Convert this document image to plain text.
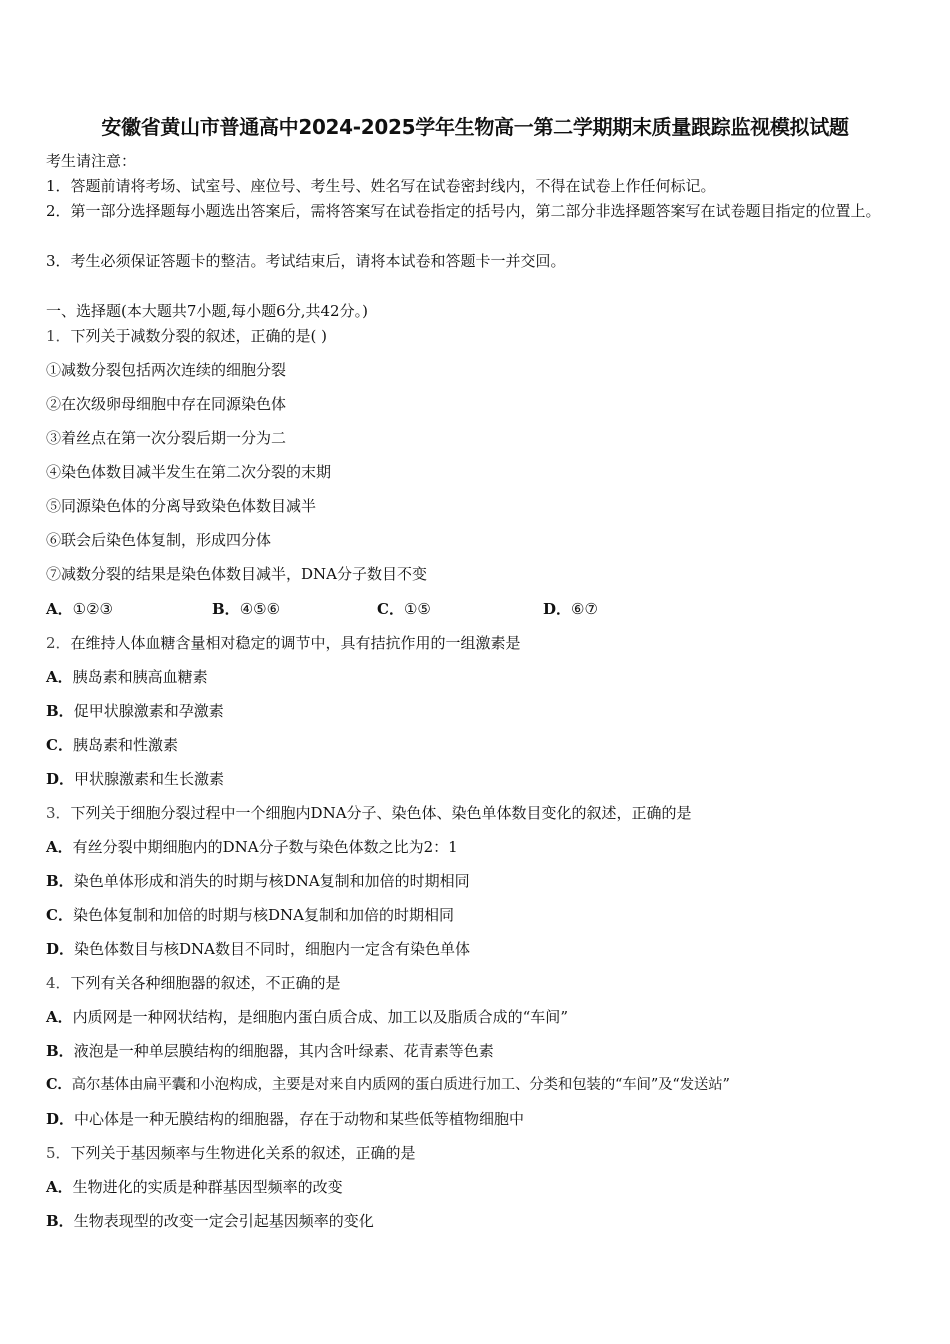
安徽省黄山市普通高中2024-2025学年生物高一第二学期期末质量跟踪监视模拟试题
考生请注意：
1．答题前请将考场、试室号、座位号、考生号、姓名写在试卷密封线内，不得在试卷上作任何标记。
2．第一部分选择题每小题选出答案后，需将答案写在试卷指定的括号内，第二部分非选择题答案写在试卷题目指定的位置上。
3．考生必须保证答题卡的整洁。考试结束后，请将本试卷和答题卡一并交回。
一、选择题(本大题共7小题,每小题6分,共42分。)
1．下列关于减数分裂的叙述，正确的是( )
①减数分裂包括两次连续的细胞分裂
②在次级卵母细胞中存在同源染色体
③着丝点在第一次分裂后期一分为二
④染色体数目减半发生在第二次分裂的末期
⑤同源染色体的分离导致染色体数目减半
⑥联会后染色体复制，形成四分体
⑦减数分裂的结果是染色体数目减半，DNA分子数目不变
A．①②③	B．④⑤⑥	C．①⑤	D．⑥⑦
2．在维持人体血糖含量相对稳定的调节中，具有拮抗作用的一组激素是
A．胰岛素和胰高血糖素
B．促甲状腺激素和孕激素
C．胰岛素和性激素
D．甲状腺激素和生长激素
3．下列关于细胞分裂过程中一个细胞内DNA分子、染色体、染色单体数目变化的叙述，正确的是
A．有丝分裂中期细胞内的DNA分子数与染色体数之比为2：1
B．染色单体形成和消失的时期与核DNA复制和加倍的时期相同
C．染色体复制和加倍的时期与核DNA复制和加倍的时期相同
D．染色体数目与核DNA数目不同时，细胞内一定含有染色单体
4．下列有关各种细胞器的叙述，不正确的是
A．内质网是一种网状结构，是细胞内蛋白质合成、加工以及脂质合成的“车间”
B．液泡是一种单层膜结构的细胞器，其内含叶绿素、花青素等色素
C．高尔基体由扁平囊和小泡构成，主要是对来自内质网的蛋白质进行加工、分类和包装的“车间”及“发送站”
D．中心体是一种无膜结构的细胞器，存在于动物和某些低等植物细胞中
5．下列关于基因频率与生物进化关系的叙述，正确的是
A．生物进化的实质是种群基因型频率的改变
B．生物表现型的改变一定会引起基因频率的变化
